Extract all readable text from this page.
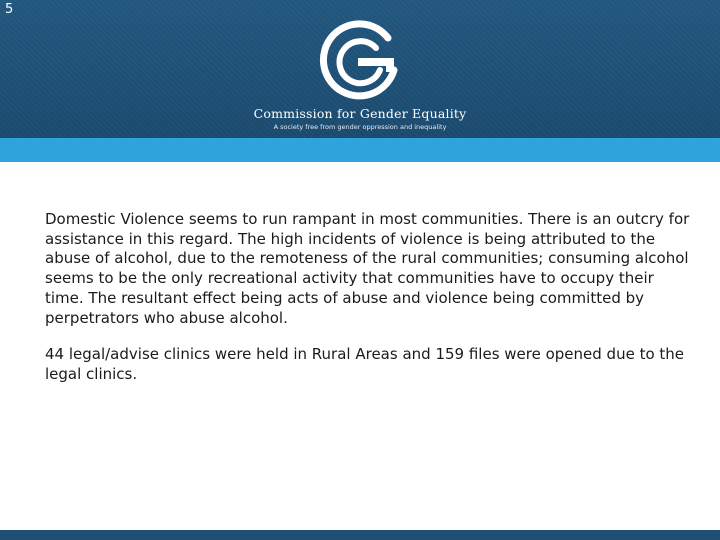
5
Commission for Gender Equality
A society free from gender oppression and inequality

Domestic Violence seems to run rampant in most communities. There is an outcry for assistance in this regard. The high incidents of violence is being attributed to the abuse of alcohol, due to the remoteness of the rural communities; consuming alcohol seems to be the only recreational activity that communities have to occupy their time. The resultant effect being acts of abuse and violence being committed by perpetrators who abuse alcohol.

44 legal/advise clinics were held in Rural Areas and 159 files were opened due to the legal clinics.
